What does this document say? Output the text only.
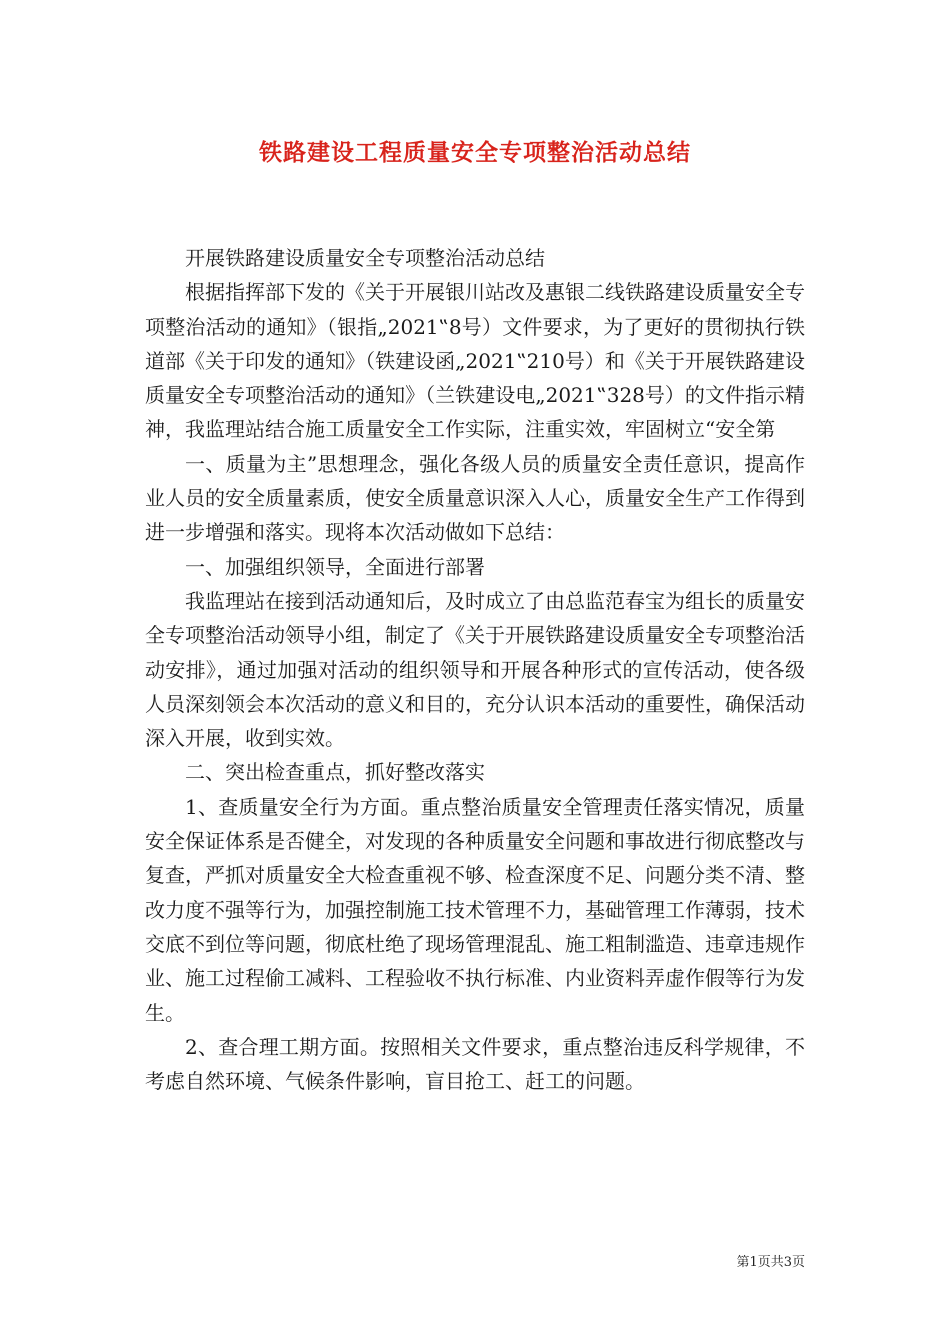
铁路建设工程质量安全专项整治活动总结

开展铁路建设质量安全专项整治活动总结

根据指挥部下发的《关于开展银川站改及惠银二线铁路建设质量安全专项整治活动的通知》（银指„2021‟8号）文件要求，为了更好的贯彻执行铁道部《关于印发的通知》（铁建设函„2021‟210号）和《关于开展铁路建设质量安全专项整治活动的通知》（兰铁建设电„2021‟328号）的文件指示精神，我监理站结合施工质量安全工作实际，注重实效，牢固树立“安全第

一、质量为主”思想理念，强化各级人员的质量安全责任意识，提高作业人员的安全质量素质，使安全质量意识深入人心，质量安全生产工作得到进一步增强和落实。现将本次活动做如下总结：

一、加强组织领导，全面进行部署

我监理站在接到活动通知后，及时成立了由总监范春宝为组长的质量安全专项整治活动领导小组，制定了《关于开展铁路建设质量安全专项整治活动安排》，通过加强对活动的组织领导和开展各种形式的宣传活动，使各级人员深刻领会本次活动的意义和目的，充分认识本活动的重要性，确保活动深入开展，收到实效。

二、突出检查重点，抓好整改落实

1、查质量安全行为方面。重点整治质量安全管理责任落实情况，质量安全保证体系是否健全，对发现的各种质量安全问题和事故进行彻底整改与复查，严抓对质量安全大检查重视不够、检查深度不足、问题分类不清、整改力度不强等行为，加强控制施工技术管理不力，基础管理工作薄弱，技术交底不到位等问题，彻底杜绝了现场管理混乱、施工粗制滥造、违章违规作业、施工过程偷工减料、工程验收不执行标准、内业资料弄虚作假等行为发生。

2、查合理工期方面。按照相关文件要求，重点整治违反科学规律，不考虑自然环境、气候条件影响，盲目抢工、赶工的问题。

第1页共3页
